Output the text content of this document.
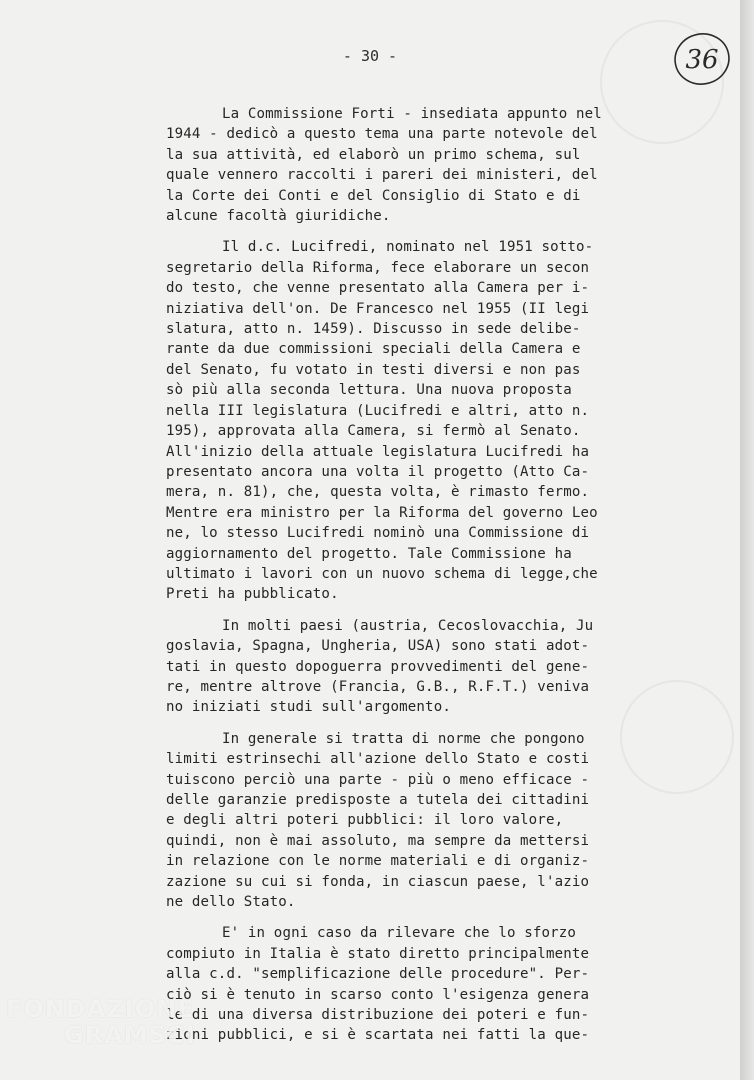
- 30 -	36
La Commissione Forti - insediata appunto nel
1944 - dedicò a questo tema una parte notevole del
la sua attività, ed elaborò un primo schema, sul
quale vennero raccolti i pareri dei ministeri, del
la Corte dei Conti e del Consiglio di Stato e di
alcune facoltà giuridiche.
Il d.c. Lucifredi, nominato nel 1951 sotto-
segretario della Riforma, fece elaborare un secon
do testo, che venne presentato alla Camera per i-
niziativa dell'on. De Francesco nel 1955 (II legi
slatura, atto n. 1459). Discusso in sede delibe-
rante da due commissioni speciali della Camera e
del Senato, fu votato in testi diversi e non pas
sò più alla seconda lettura. Una nuova proposta
nella III legislatura (Lucifredi e altri, atto n.
195), approvata alla Camera, si fermò al Senato.
All'inizio della attuale legislatura Lucifredi ha
presentato ancora una volta il progetto (Atto Ca-
mera, n. 81), che, questa volta, è rimasto fermo.
Mentre era ministro per la Riforma del governo Leo
ne, lo stesso Lucifredi nominò una Commissione di
aggiornamento del progetto. Tale Commissione ha
ultimato i lavori con un nuovo schema di legge,che
Preti ha pubblicato.
In molti paesi (austria, Cecoslovacchia, Ju
goslavia, Spagna, Ungheria, USA) sono stati adot-
tati in questo dopoguerra provvedimenti del gene-
re, mentre altrove (Francia, G.B., R.F.T.) veniva
no iniziati studi sull'argomento.
In generale si tratta di norme che pongono
limiti estrinsechi all'azione dello Stato e costi
tuiscono perciò una parte - più o meno efficace -
delle garanzie predisposte a tutela dei cittadini
e degli altri poteri pubblici: il loro valore,
quindi, non è mai assoluto, ma sempre da mettersi
in relazione con le norme materiali e di organiz-
zazione su cui si fonda, in ciascun paese, l'azio
ne dello Stato.
E' in ogni caso da rilevare che lo sforzo
compiuto in Italia è stato diretto principalmente
alla c.d. "semplificazione delle procedure". Per-
ciò si è tenuto in scarso conto l'esigenza genera
le di una diversa distribuzione dei poteri e fun-
zioni pubblici, e si è scartata nei fatti la que-
FONDAZIONE
GRAMSCI
